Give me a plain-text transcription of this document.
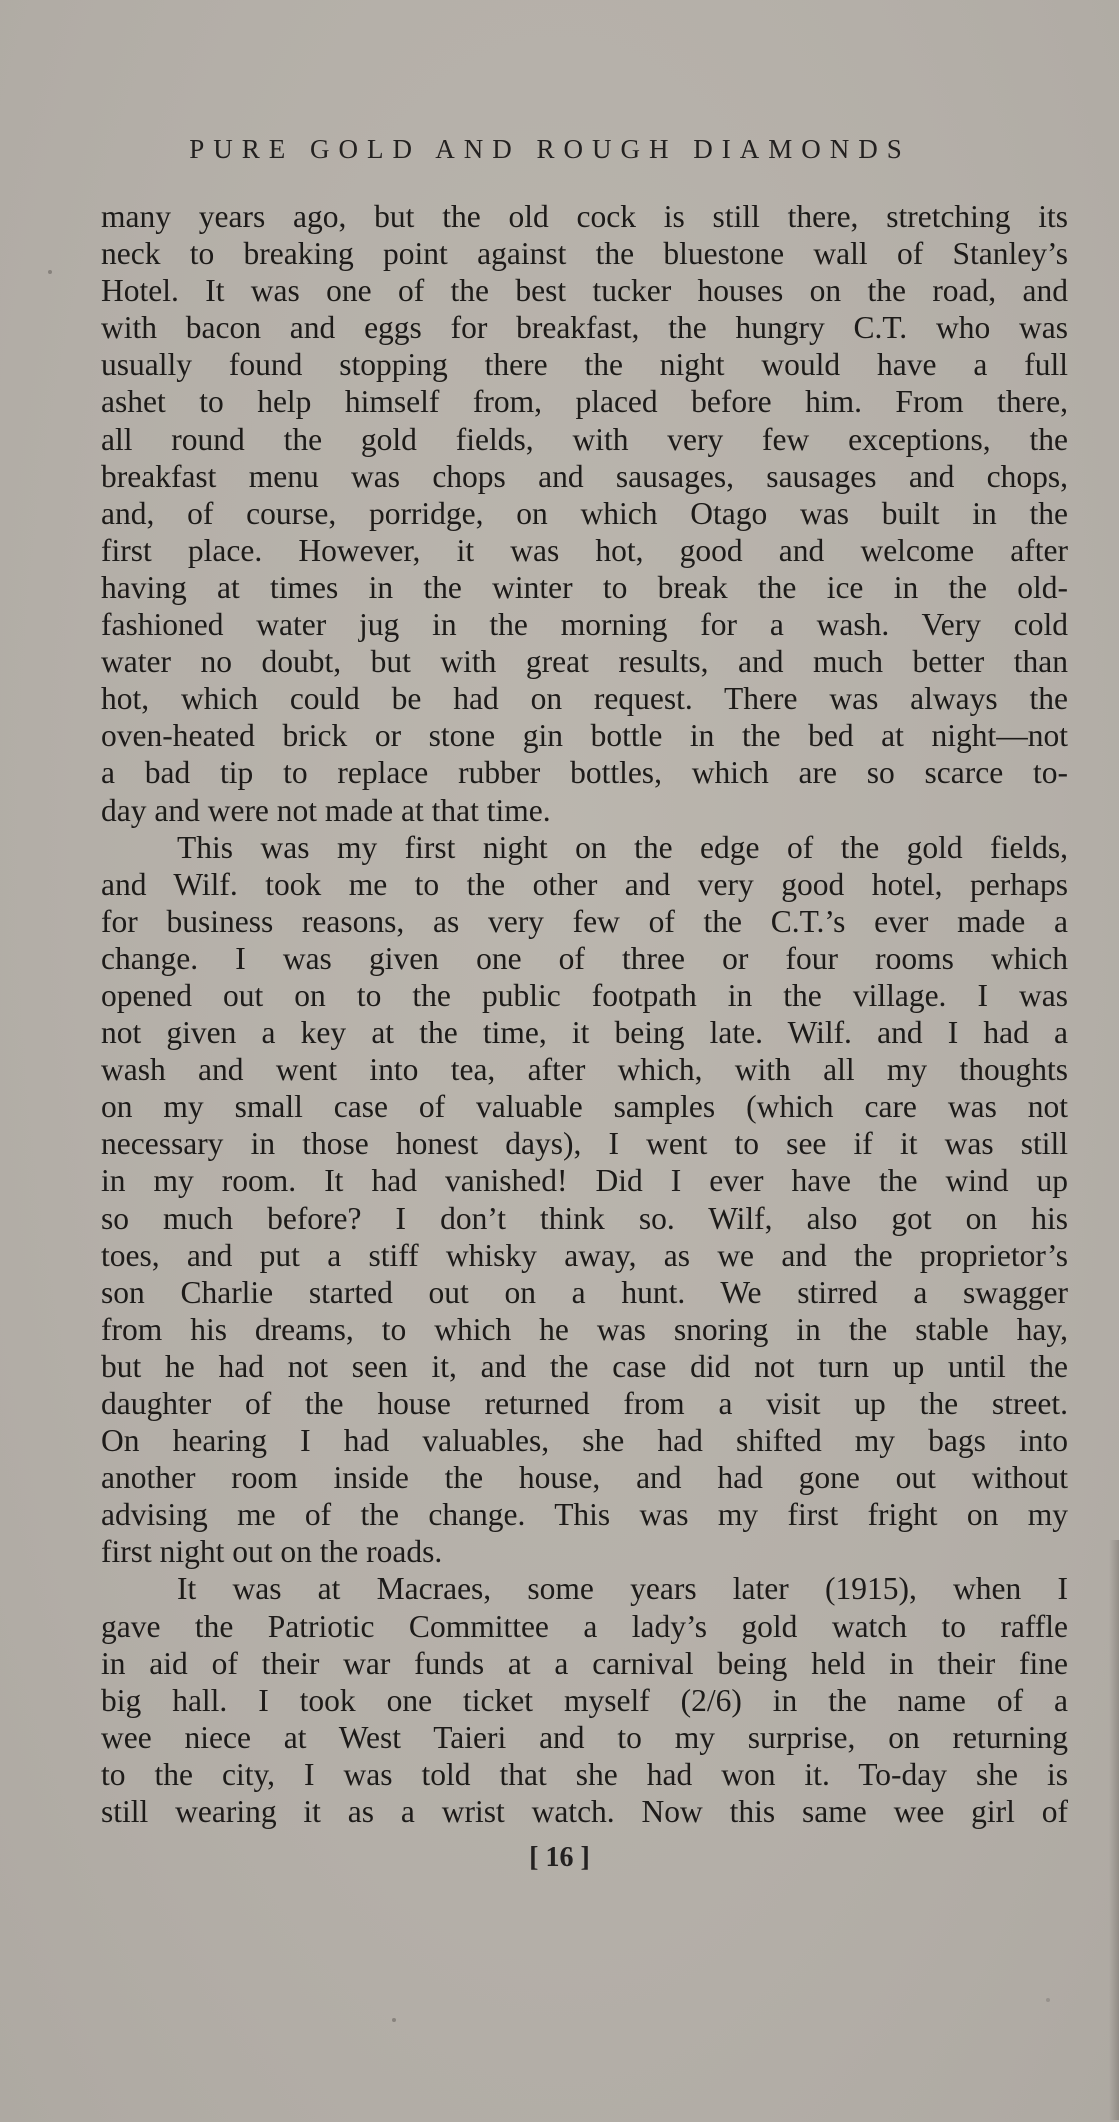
PURE GOLD AND ROUGH DIAMONDS
many years ago, but the old cock is still there, stretching its
neck to breaking point against the bluestone wall of Stanley’s
Hotel. It was one of the best tucker houses on the road, and
with bacon and eggs for breakfast, the hungry C.T. who was
usually found stopping there the night would have a full
ashet to help himself from, placed before him. From there,
all round the gold fields, with very few exceptions, the
breakfast menu was chops and sausages, sausages and chops,
and, of course, porridge, on which Otago was built in the
first place. However, it was hot, good and welcome after
having at times in the winter to break the ice in the old-
fashioned water jug in the morning for a wash. Very cold
water no doubt, but with great results, and much better than
hot, which could be had on request. There was always the
oven-heated brick or stone gin bottle in the bed at night—not
a bad tip to replace rubber bottles, which are so scarce to-
day and were not made at that time.
This was my first night on the edge of the gold fields,
and Wilf. took me to the other and very good hotel, perhaps
for business reasons, as very few of the C.T.’s ever made a
change. I was given one of three or four rooms which
opened out on to the public footpath in the village. I was
not given a key at the time, it being late. Wilf. and I had a
wash and went into tea, after which, with all my thoughts
on my small case of valuable samples (which care was not
necessary in those honest days), I went to see if it was still
in my room. It had vanished! Did I ever have the wind up
so much before? I don’t think so. Wilf, also got on his
toes, and put a stiff whisky away, as we and the proprietor’s
son Charlie started out on a hunt. We stirred a swagger
from his dreams, to which he was snoring in the stable hay,
but he had not seen it, and the case did not turn up until the
daughter of the house returned from a visit up the street.
On hearing I had valuables, she had shifted my bags into
another room inside the house, and had gone out without
advising me of the change. This was my first fright on my
first night out on the roads.
It was at Macraes, some years later (1915), when I
gave the Patriotic Committee a lady’s gold watch to raffle
in aid of their war funds at a carnival being held in their fine
big hall. I took one ticket myself (2/6) in the name of a
wee niece at West Taieri and to my surprise, on returning
to the city, I was told that she had won it. To-day she is
still wearing it as a wrist watch. Now this same wee girl of
[ 16 ]
